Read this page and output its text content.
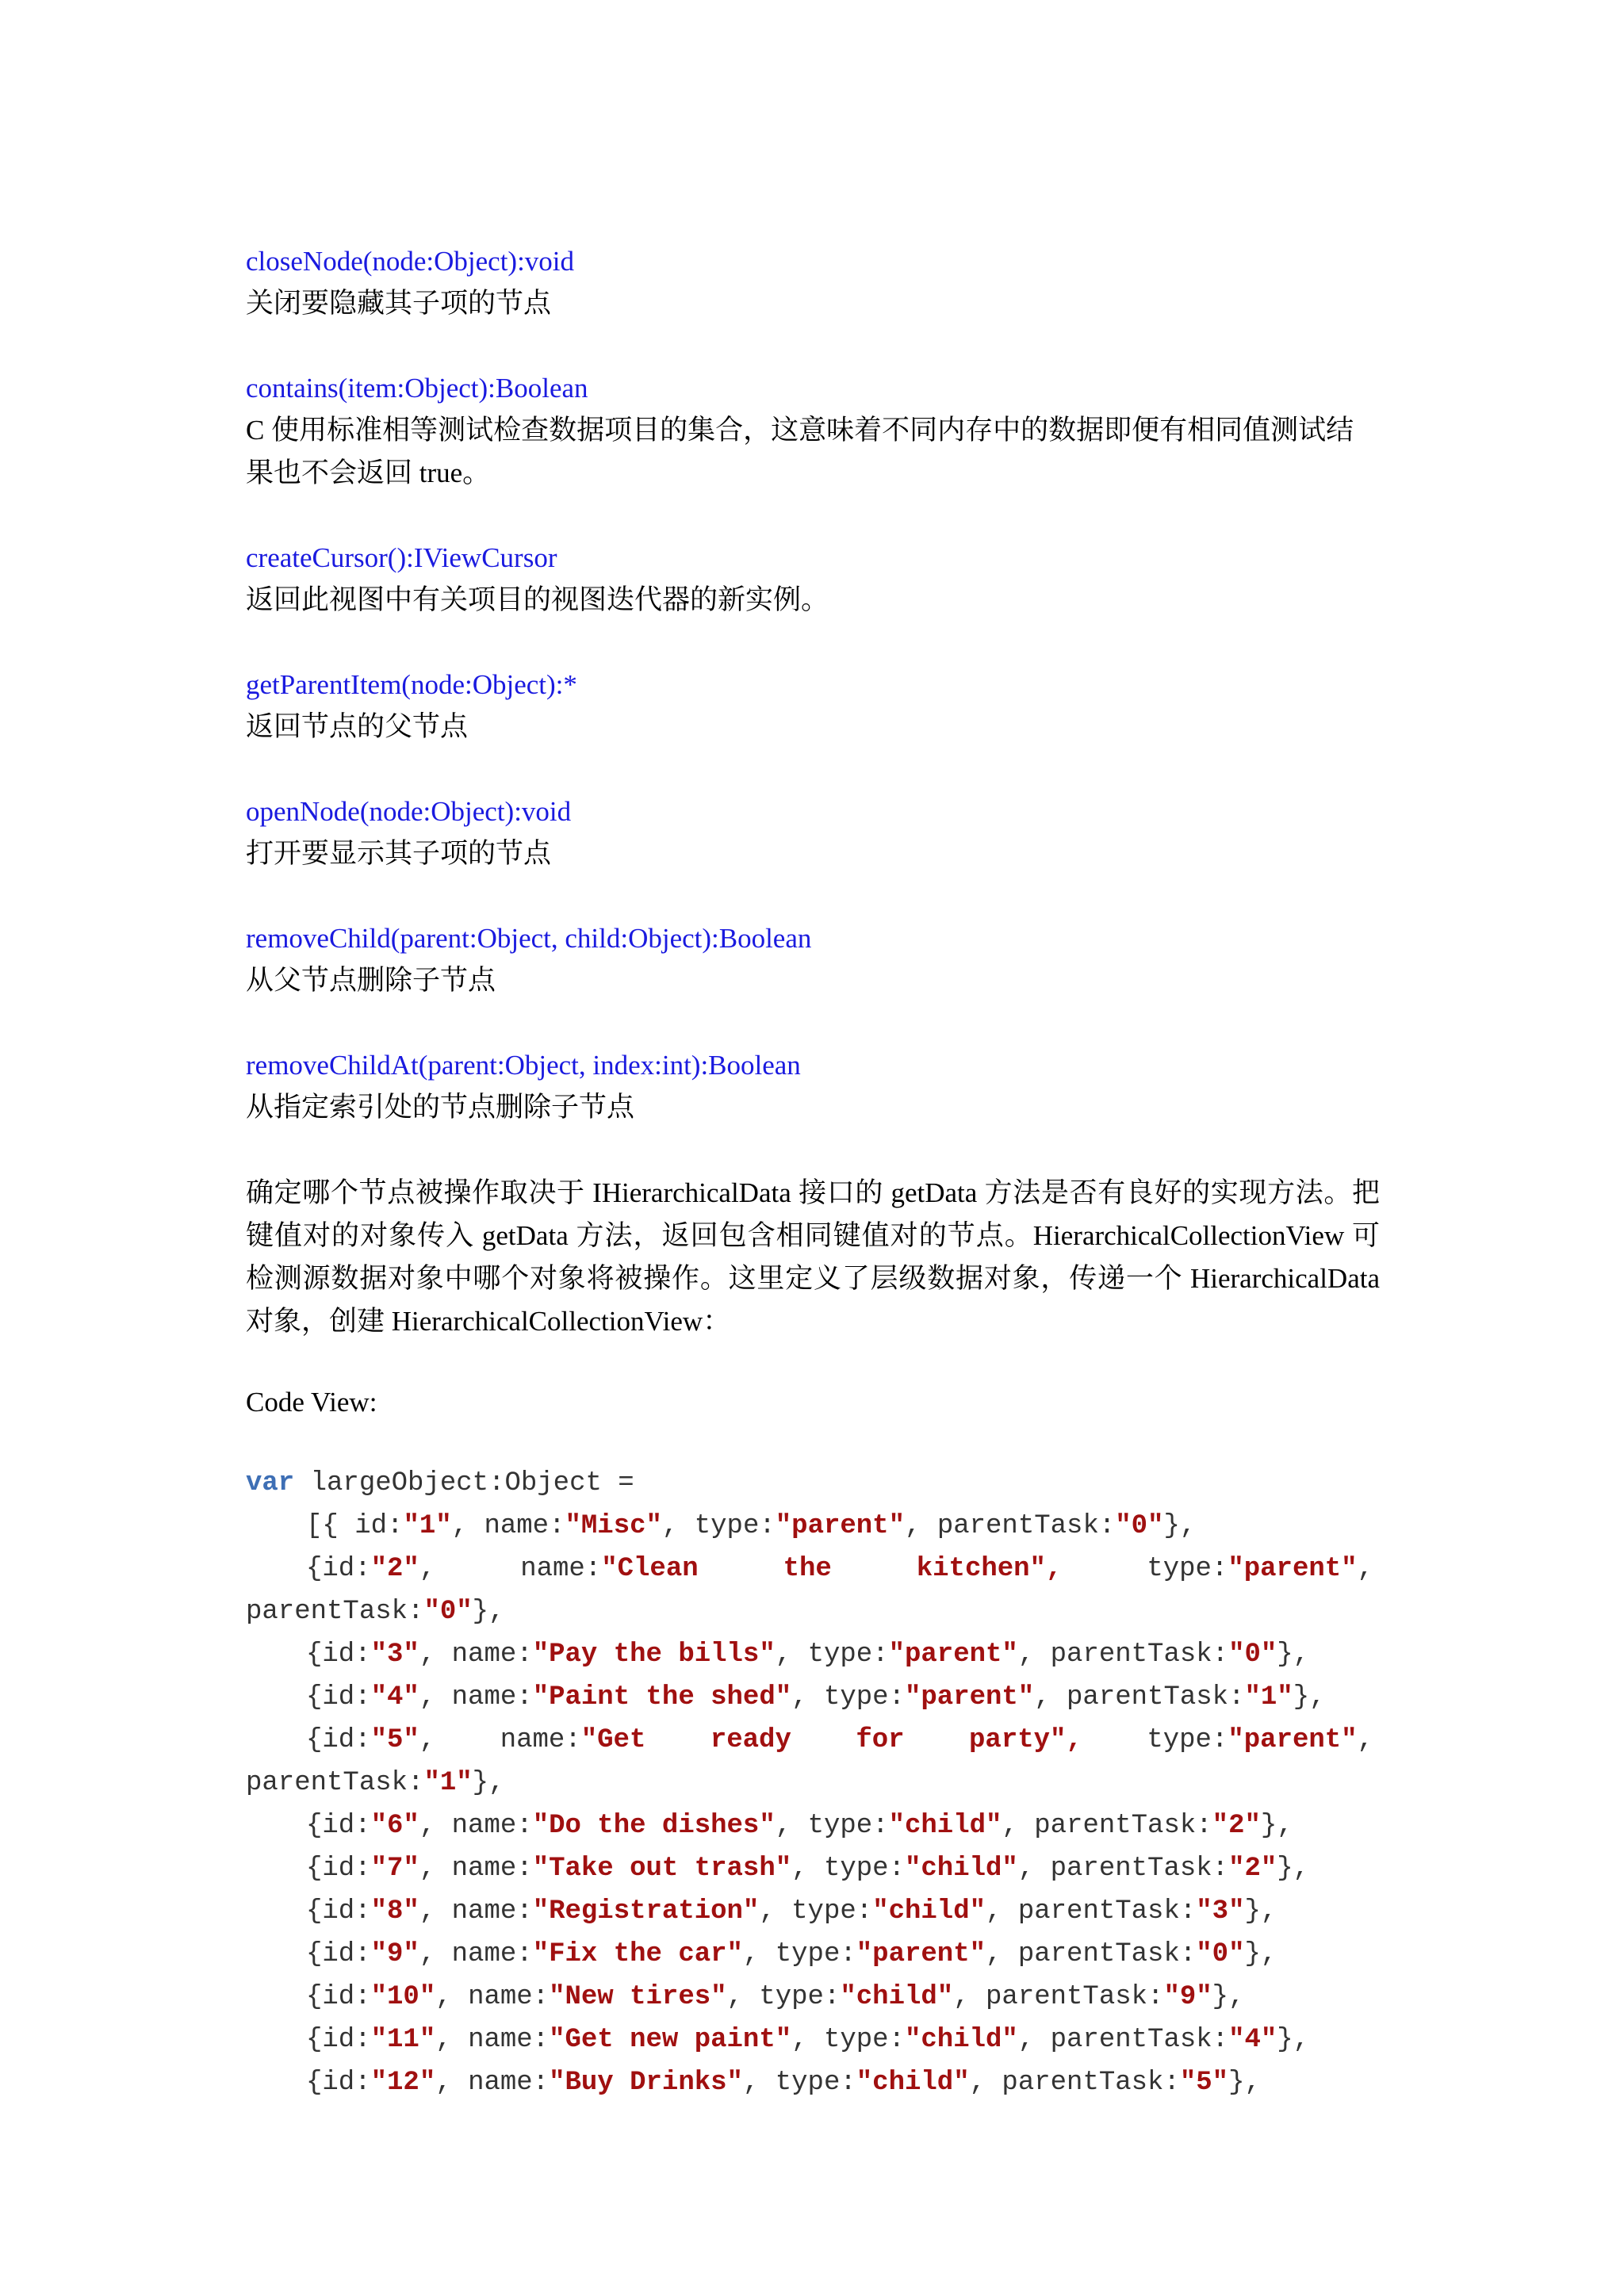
closeNode(node:Object):void

关闭要隐藏其子项的节点

contains(item:Object):Boolean

C 使用标准相等测试检查数据项目的集合，这意味着不同内存中的数据即便有相同值测试结果也不会返回 true。

createCursor():IViewCursor

返回此视图中有关项目的视图迭代器的新实例。

getParentItem(node:Object):*

返回节点的父节点

openNode(node:Object):void

打开要显示其子项的节点

removeChild(parent:Object, child:Object):Boolean

从父节点删除子节点

removeChildAt(parent:Object, index:int):Boolean

从指定索引处的节点删除子节点

确定哪个节点被操作取决于 IHierarchicalData 接口的 getData 方法是否有良好的实现方法。把键值对的对象传入 getData 方法，返回包含相同键值对的节点。HierarchicalCollectionView 可检测源数据对象中哪个对象将被操作。这里定义了层级数据对象，传递一个 HierarchicalData 对象，创建 HierarchicalCollectionView：

Code View:

var largeObject:Object =
[{ id:"1", name:"Misc", type:"parent", parentTask:"0"},
{id:"2",	name:"Clean	the	kitchen",	type:"parent",
parentTask:"0"},
{id:"3", name:"Pay the bills", type:"parent", parentTask:"0"},
{id:"4", name:"Paint the shed", type:"parent", parentTask:"1"},
{id:"5", name:"Get ready for party", type:"parent",
parentTask:"1"},
{id:"6", name:"Do the dishes", type:"child", parentTask:"2"},
{id:"7", name:"Take out trash", type:"child", parentTask:"2"},
{id:"8", name:"Registration", type:"child", parentTask:"3"},
{id:"9", name:"Fix the car", type:"parent", parentTask:"0"},
{id:"10", name:"New tires", type:"child", parentTask:"9"},
{id:"11", name:"Get new paint", type:"child", parentTask:"4"},
{id:"12", name:"Buy Drinks", type:"child", parentTask:"5"},
